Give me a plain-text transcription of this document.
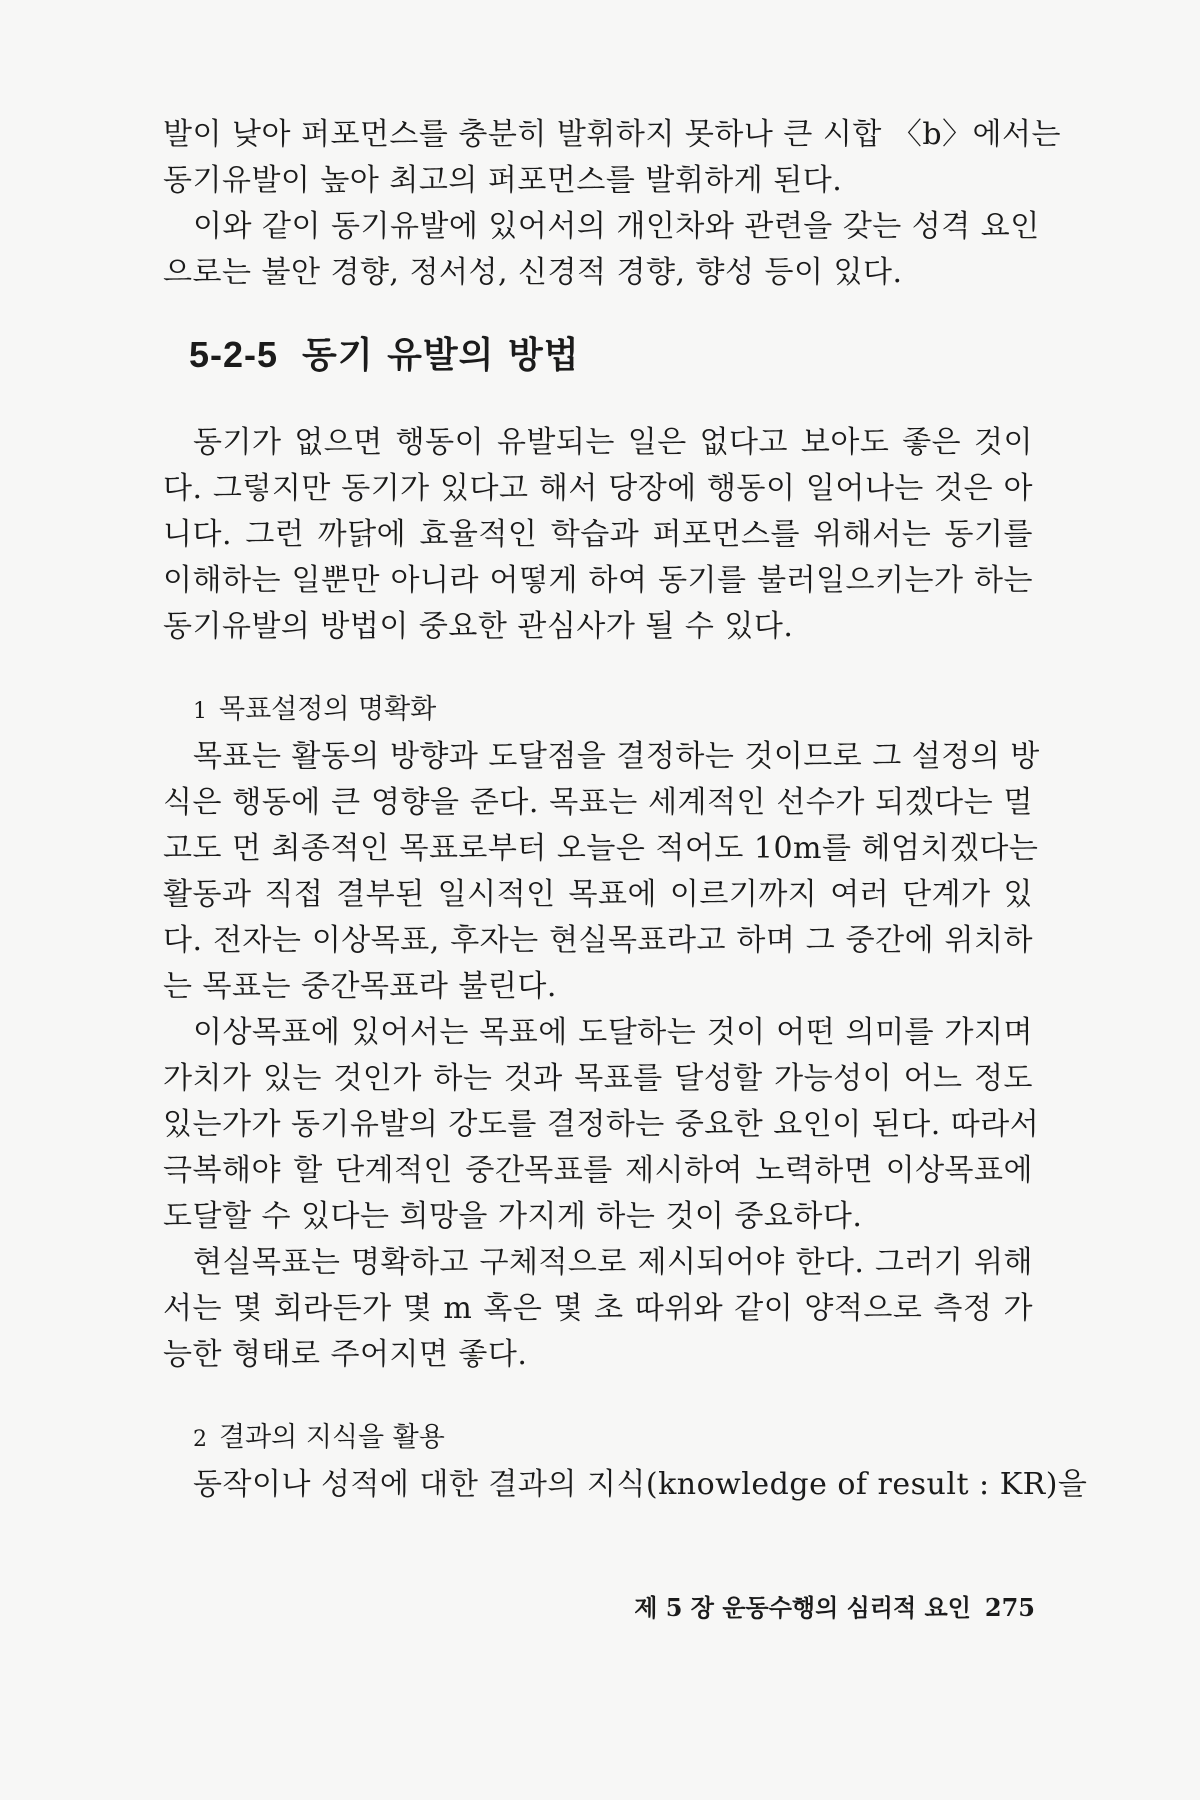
발이 낮아 퍼포먼스를 충분히 발휘하지 못하나 큰 시합 〈b〉에서는
동기유발이 높아 최고의 퍼포먼스를 발휘하게 된다.
이와 같이 동기유발에 있어서의 개인차와 관련을 갖는 성격 요인
으로는 불안 경향, 정서성, 신경적 경향, 향성 등이 있다.
5-2-5 동기 유발의 방법
동기가 없으면 행동이 유발되는 일은 없다고 보아도 좋은 것이
다. 그렇지만 동기가 있다고 해서 당장에 행동이 일어나는 것은 아
니다. 그런 까닭에 효율적인 학습과 퍼포먼스를 위해서는 동기를
이해하는 일뿐만 아니라 어떻게 하여 동기를 불러일으키는가 하는
동기유발의 방법이 중요한 관심사가 될 수 있다.
1 목표설정의 명확화
목표는 활동의 방향과 도달점을 결정하는 것이므로 그 설정의 방
식은 행동에 큰 영향을 준다. 목표는 세계적인 선수가 되겠다는 멀
고도 먼 최종적인 목표로부터 오늘은 적어도 10m를 헤엄치겠다는
활동과 직접 결부된 일시적인 목표에 이르기까지 여러 단계가 있
다. 전자는 이상목표, 후자는 현실목표라고 하며 그 중간에 위치하
는 목표는 중간목표라 불린다.
이상목표에 있어서는 목표에 도달하는 것이 어떤 의미를 가지며
가치가 있는 것인가 하는 것과 목표를 달성할 가능성이 어느 정도
있는가가 동기유발의 강도를 결정하는 중요한 요인이 된다. 따라서
극복해야 할 단계적인 중간목표를 제시하여 노력하면 이상목표에
도달할 수 있다는 희망을 가지게 하는 것이 중요하다.
현실목표는 명확하고 구체적으로 제시되어야 한다. 그러기 위해
서는 몇 회라든가 몇 m 혹은 몇 초 따위와 같이 양적으로 측정 가
능한 형태로 주어지면 좋다.
2 결과의 지식을 활용
동작이나 성적에 대한 결과의 지식(knowledge of result : KR)을
제 5 장 운동수행의 심리적 요인 275
